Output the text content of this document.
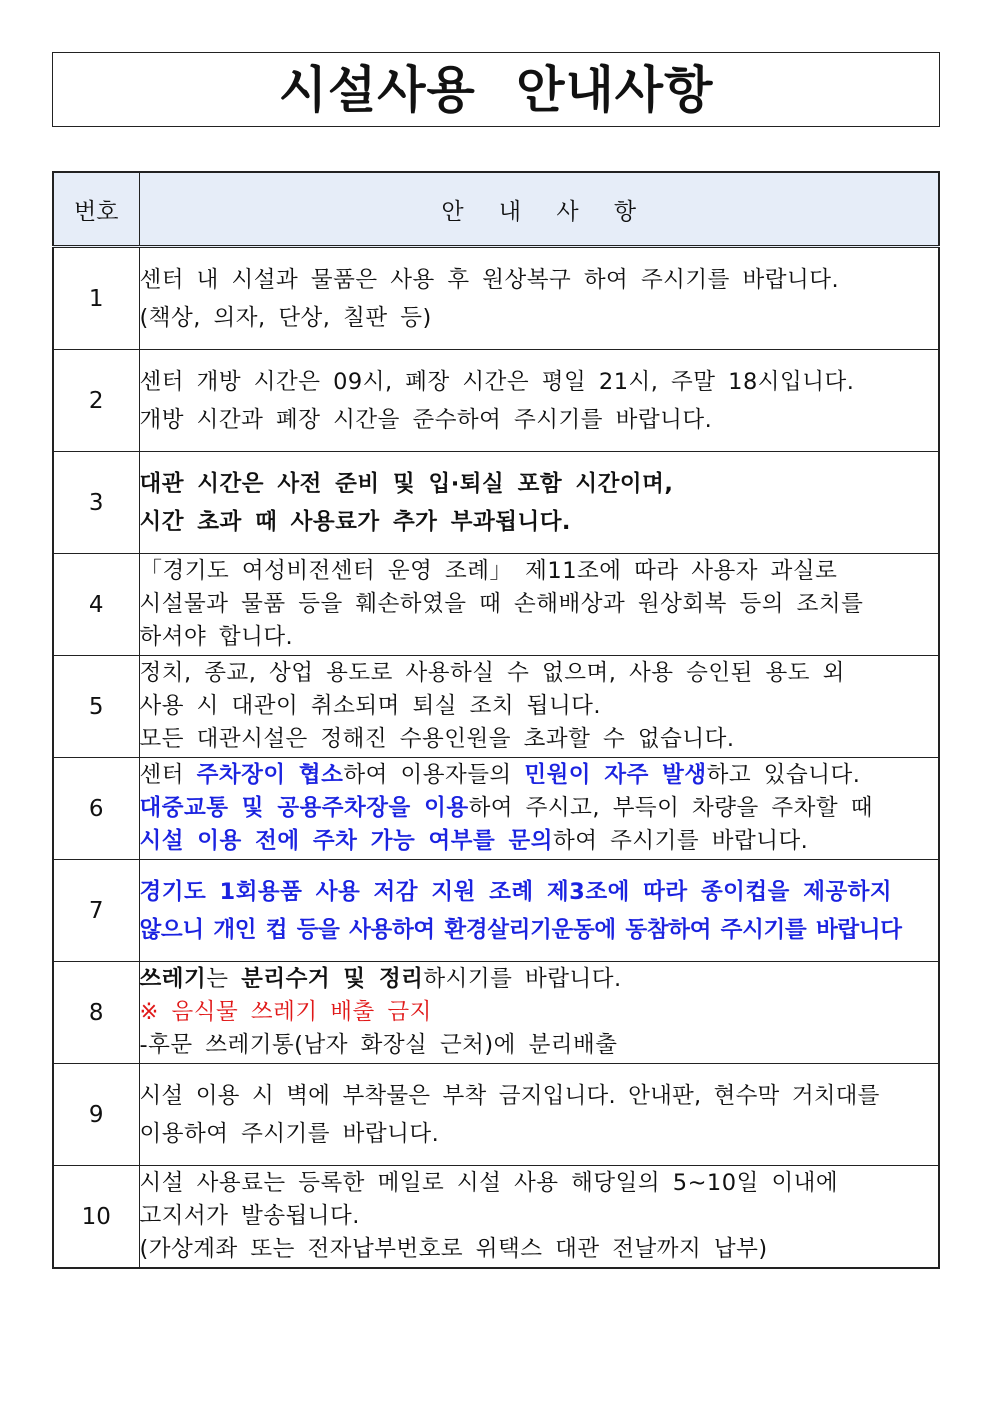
시설사용 안내사항
번호	안 내 사 항
1	센터 내 시설과 물품은 사용 후 원상복구 하여 주시기를 바랍니다.
(책상, 의자, 단상, 칠판 등)

2	센터 개방 시간은 09시, 폐장 시간은 평일 21시, 주말 18시입니다.
개방 시간과 폐장 시간을 준수하여 주시기를 바랍니다.

3	대관 시간은 사전 준비 및 입·퇴실 포함 시간이며,
시간 초과 때 사용료가 추가 부과됩니다.

4	「경기도 여성비전센터 운영 조례」 제11조에 따라 사용자 과실로
시설물과 물품 등을 훼손하였을 때 손해배상과 원상회복 등의 조치를
하셔야 합니다.

5	정치, 종교, 상업 용도로 사용하실 수 없으며, 사용 승인된 용도 외
사용 시 대관이 취소되며 퇴실 조치 됩니다.
모든 대관시설은 정해진 수용인원을 초과할 수 없습니다.

6	센터 주차장이 협소하여 이용자들의 민원이 자주 발생하고 있습니다.
대중교통 및 공용주차장을 이용하여 주시고, 부득이 차량을 주차할 때
시설 이용 전에 주차 가능 여부를 문의하여 주시기를 바랍니다.

7	경기도 1회용품 사용 저감 지원 조례 제3조에 따라 종이컵을 제공하지
않으니 개인 컵 등을 사용하여 환경살리기운동에 동참하여 주시기를 바랍니다

8	쓰레기는 분리수거 및 정리하시기를 바랍니다.
※ 음식물 쓰레기 배출 금지
-후문 쓰레기통(남자 화장실 근처)에 분리배출

9	시설 이용 시 벽에 부착물은 부착 금지입니다. 안내판, 현수막 거치대를
이용하여 주시기를 바랍니다.

10	시설 사용료는 등록한 메일로 시설 사용 해당일의 5~10일 이내에
고지서가 발송됩니다.
(가상계좌 또는 전자납부번호로 위택스 대관 전날까지 납부)
